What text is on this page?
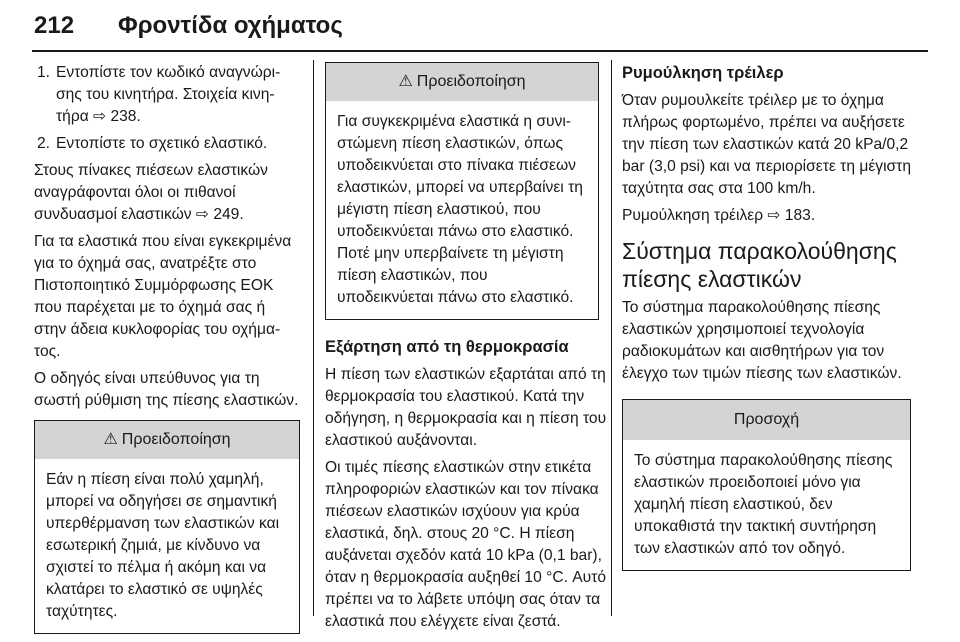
212 Φροντίδα οχήματος
1. Εντοπίστε τον κωδικό αναγνώρισης του κινητήρα. Στοιχεία κινητήρα ⇨ 238.
2. Εντοπίστε το σχετικό ελαστικό.

Στους πίνακες πιέσεων ελαστικών αναγράφονται όλοι οι πιθανοί συνδυασμοί ελαστικών ⇨ 249.

Για τα ελαστικά που είναι εγκεκριμένα για το όχημά σας, ανατρέξτε στο Πιστοποιητικό Συμμόρφωσης ΕΟΚ που παρέχεται με το όχημά σας ή στην άδεια κυκλοφορίας του οχήματος.

Ο οδηγός είναι υπεύθυνος για τη σωστή ρύθμιση της πίεσης ελαστικών.

⚠ Προειδοποίηση
Εάν η πίεση είναι πολύ χαμηλή, μπορεί να οδηγήσει σε σημαντική υπερθέρμανση των ελαστικών και εσωτερική ζημιά, με κίνδυνο να σχιστεί το πέλμα ή ακόμη και να κλατάρει το ελαστικό σε υψηλές ταχύτητες.
⚠ Προειδοποίηση
Για συγκεκριμένα ελαστικά η συνιστώμενη πίεση ελαστικών, όπως υποδεικνύεται στο πίνακα πιέσεων ελαστικών, μπορεί να υπερβαίνει τη μέγιστη πίεση ελαστικού, που υποδεικνύεται πάνω στο ελαστικό. Ποτέ μην υπερβαίνετε τη μέγιστη πίεση ελαστικών, που υποδεικνύεται πάνω στο ελαστικό.
Εξάρτηση από τη θερμοκρασία

Η πίεση των ελαστικών εξαρτάται από τη θερμοκρασία του ελαστικού. Κατά την οδήγηση, η θερμοκρασία και η πίεση του ελαστικού αυξάνονται.

Οι τιμές πίεσης ελαστικών στην ετικέτα πληροφοριών ελαστικών και τον πίνακα πιέσεων ελαστικών ισχύουν για κρύα ελαστικά, δηλ. στους 20 °C. Η πίεση αυξάνεται σχεδόν κατά 10 kPa (0,1 bar), όταν η θερμοκρασία αυξηθεί 10 °C. Αυτό πρέπει να το λάβετε υπόψη σας όταν τα ελαστικά που ελέγχετε είναι ζεστά.

Ρυμούλκηση τρέιλερ

Όταν ρυμουλκείτε τρέιλερ με το όχημα πλήρως φορτωμένο, πρέπει να αυξήσετε την πίεση των ελαστικών κατά 20 kPa/0,2 bar (3,0 psi) και να περιορίσετε τη μέγιστη ταχύτητα σας στα 100 km/h.

Ρυμούλκηση τρέιλερ ⇨ 183.

Σύστημα παρακολούθησης πίεσης ελαστικών

Το σύστημα παρακολούθησης πίεσης ελαστικών χρησιμοποιεί τεχνολογία ραδιοκυμάτων και αισθητήρων για τον έλεγχο των τιμών πίεσης των ελαστικών.

Προσοχή
Το σύστημα παρακολούθησης πίεσης ελαστικών προειδοποιεί μόνο για χαμηλή πίεση ελαστικού, δεν υποκαθιστά την τακτική συντήρηση των ελαστικών από τον οδηγό.
